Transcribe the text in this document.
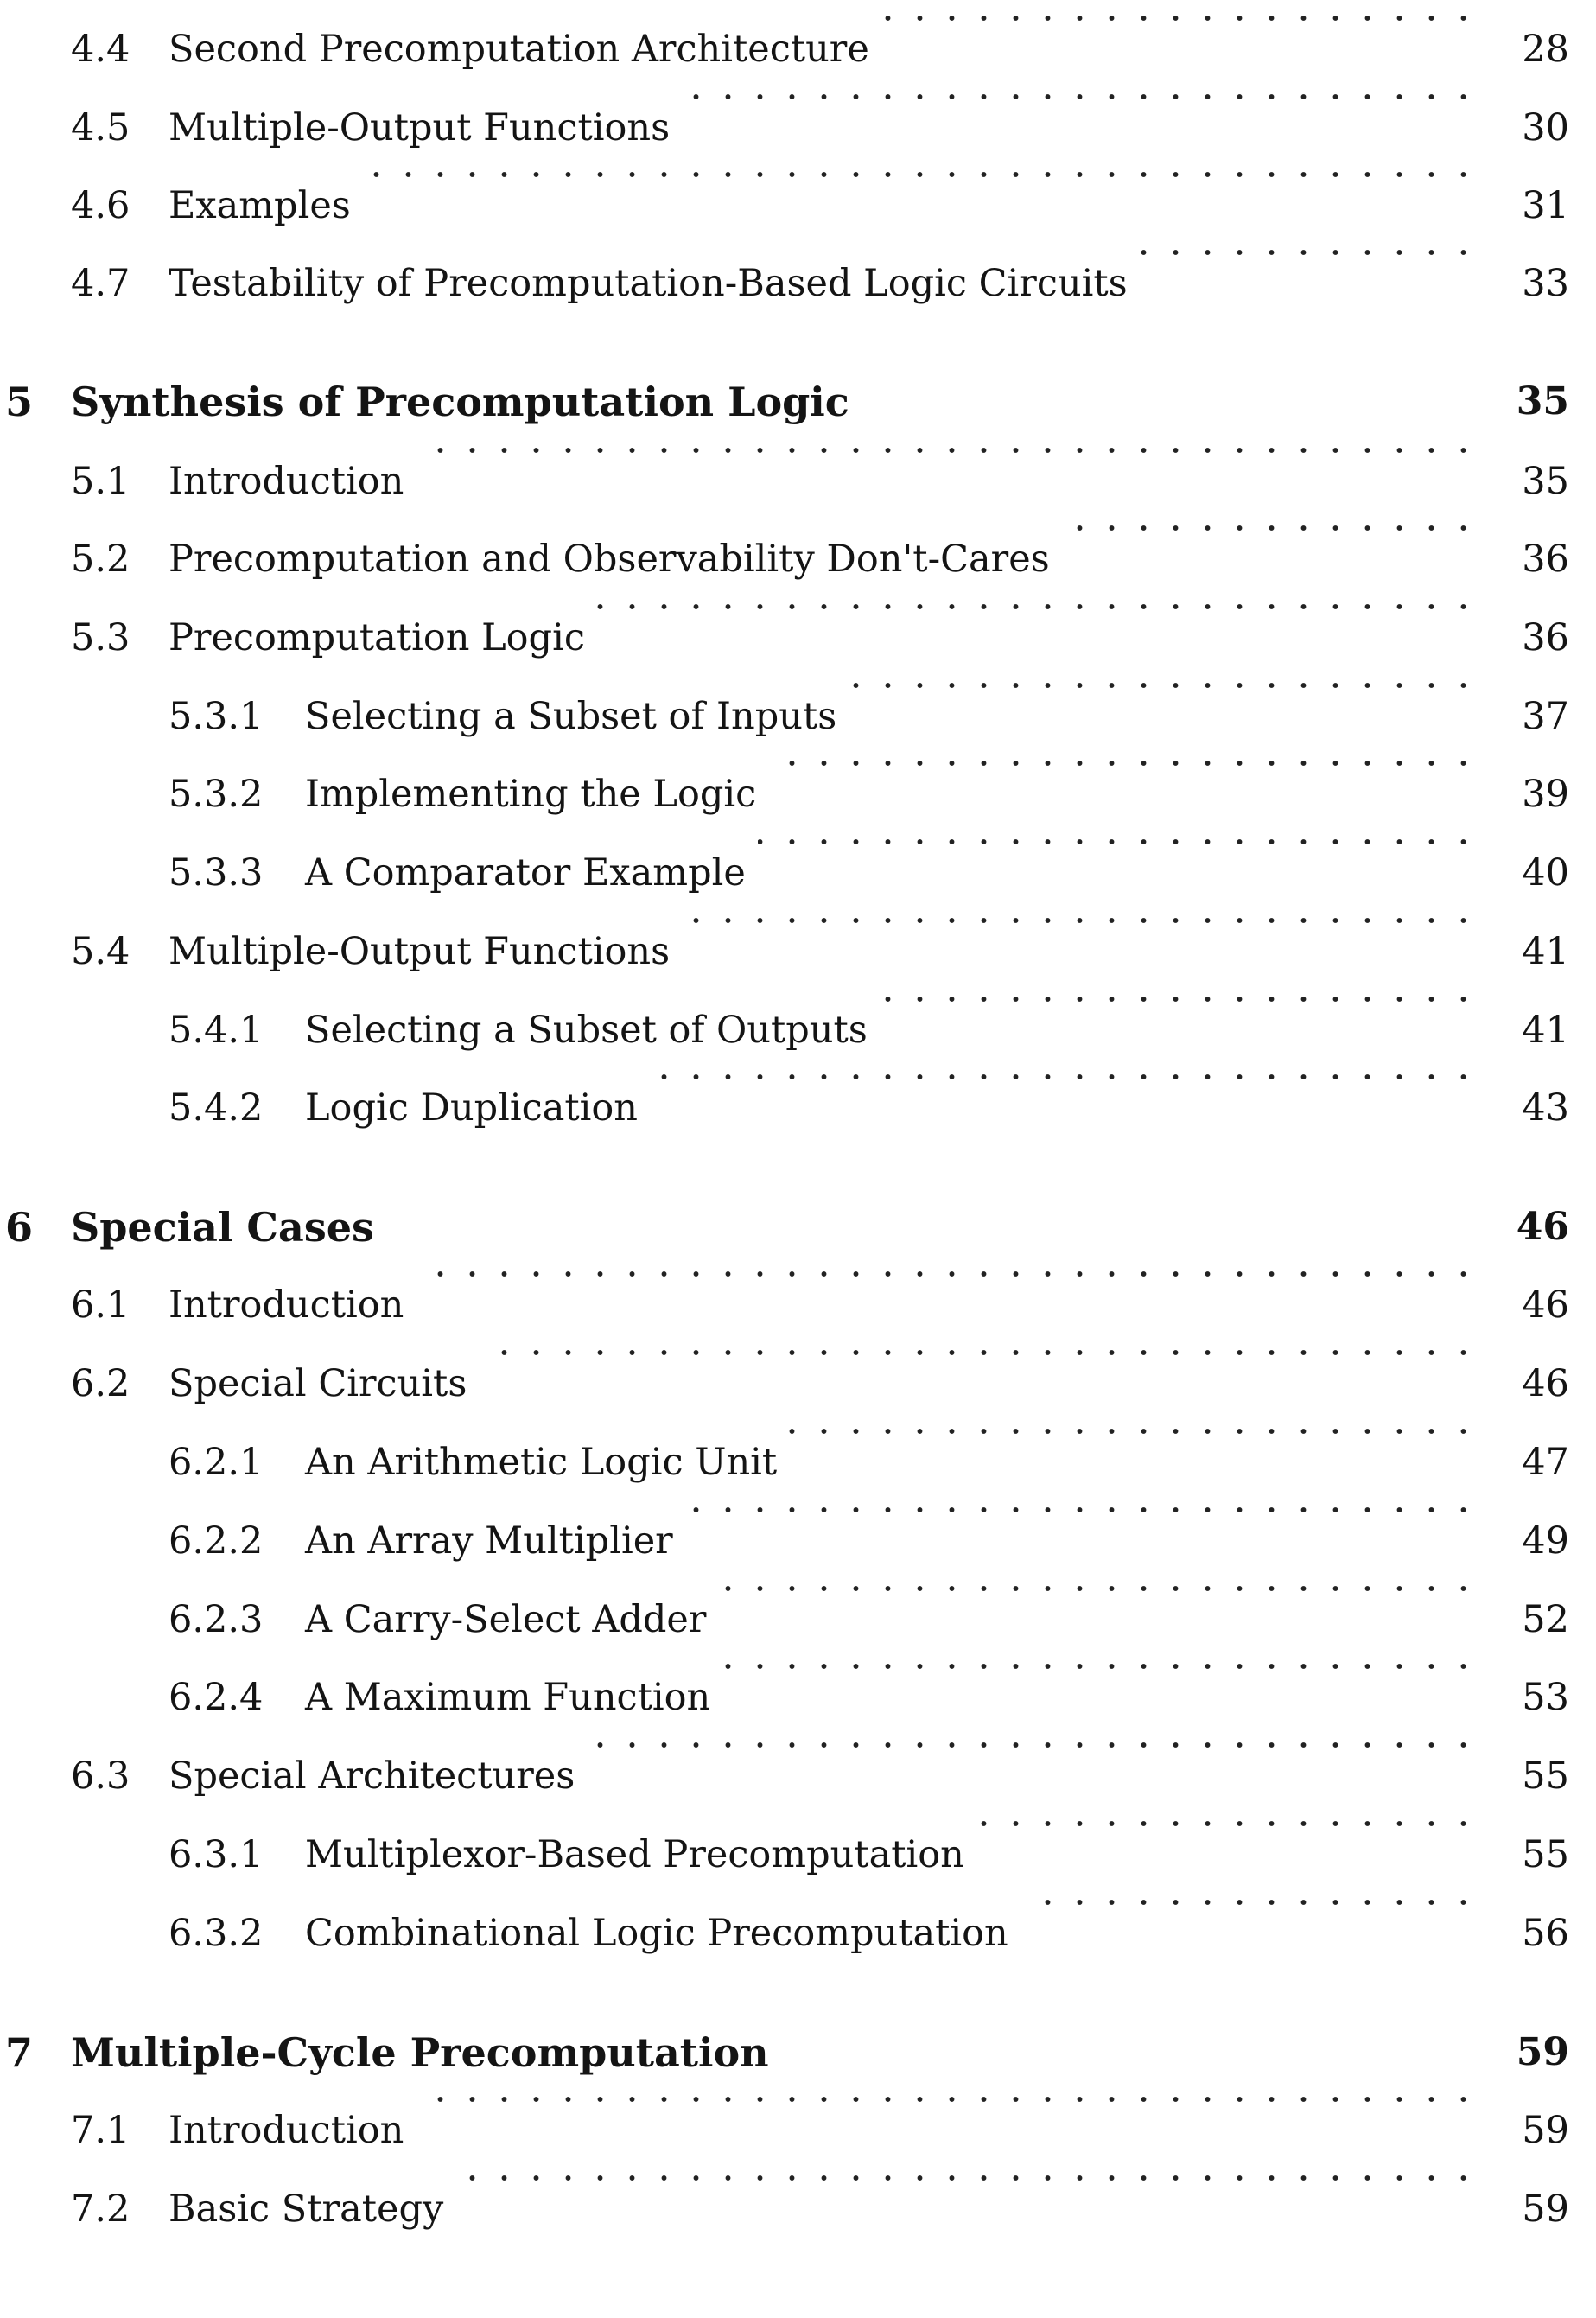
4.4 Second Precomputation Architecture	28
4.5 Multiple-Output Functions	30
4.6 Examples	31
4.7 Testability of Precomputation-Based Logic Circuits	33
5 Synthesis of Precomputation Logic	35
5.1 Introduction	35
5.2 Precomputation and Observability Don't-Cares	36
5.3 Precomputation Logic	36
5.3.1 Selecting a Subset of Inputs	37
5.3.2 Implementing the Logic	39
5.3.3 A Comparator Example	40
5.4 Multiple-Output Functions	41
5.4.1 Selecting a Subset of Outputs	41
5.4.2 Logic Duplication	43
6 Special Cases	46
6.1 Introduction	46
6.2 Special Circuits	46
6.2.1 An Arithmetic Logic Unit	47
6.2.2 An Array Multiplier	49
6.2.3 A Carry-Select Adder	52
6.2.4 A Maximum Function	53
6.3 Special Architectures	55
6.3.1 Multiplexor-Based Precomputation	55
6.3.2 Combinational Logic Precomputation	56
7 Multiple-Cycle Precomputation	59
7.1 Introduction	59
7.2 Basic Strategy	59
